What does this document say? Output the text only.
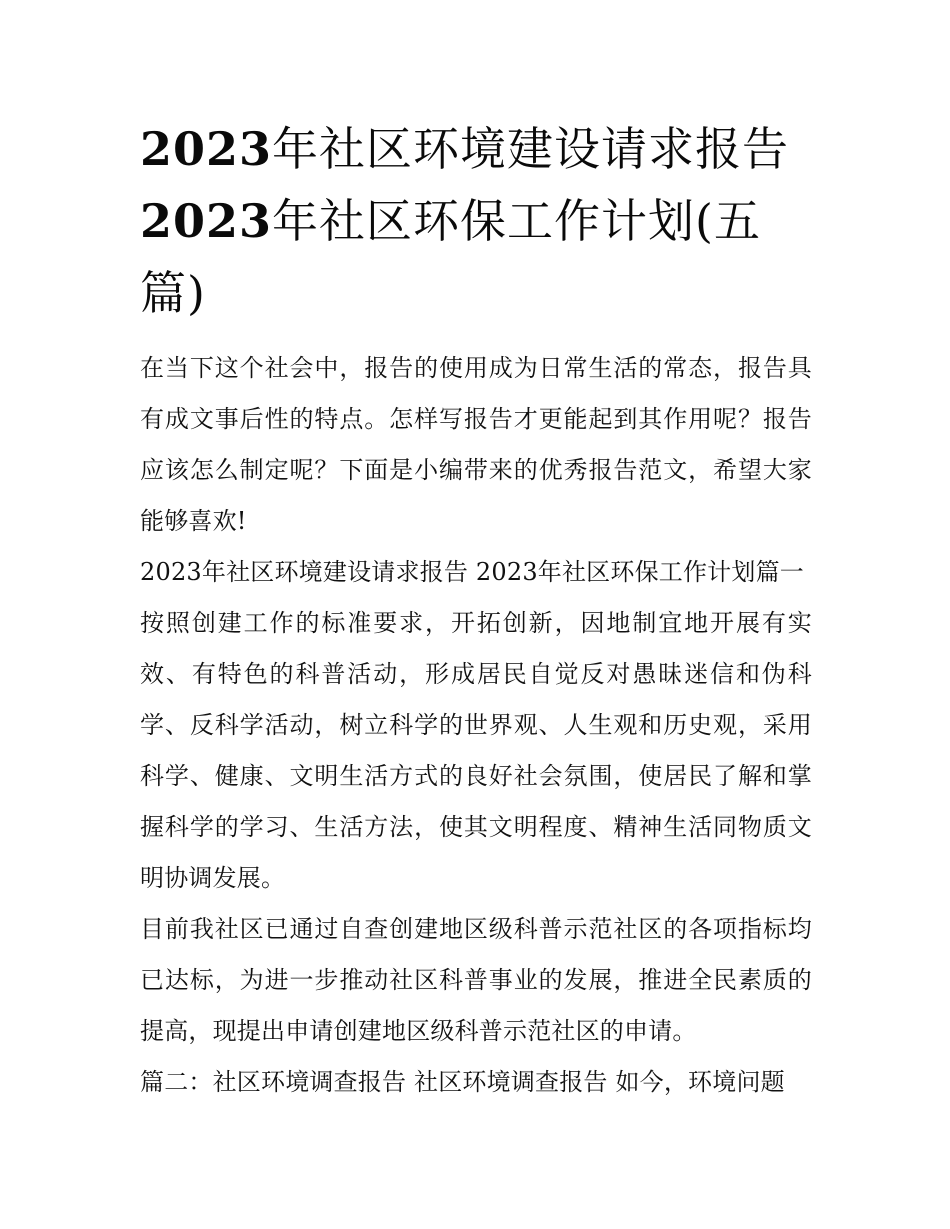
2023年社区环境建设请求报告
2023年社区环保工作计划(五篇)

在当下这个社会中，报告的使用成为日常生活的常态，报告具有成文事后性的特点。怎样写报告才更能起到其作用呢？报告应该怎么制定呢？下面是小编带来的优秀报告范文，希望大家能够喜欢!

2023年社区环境建设请求报告 2023年社区环保工作计划篇一

按照创建工作的标准要求，开拓创新，因地制宜地开展有实效、有特色的科普活动，形成居民自觉反对愚昧迷信和伪科学、反科学活动，树立科学的世界观、人生观和历史观，采用科学、健康、文明生活方式的良好社会氛围，使居民了解和掌握科学的学习、生活方法，使其文明程度、精神生活同物质文明协调发展。

目前我社区已通过自查创建地区级科普示范社区的各项指标均已达标，为进一步推动社区科普事业的发展，推进全民素质的提高，现提出申请创建地区级科普示范社区的申请。

篇二：社区环境调查报告 社区环境调查报告 如今，环境问题
